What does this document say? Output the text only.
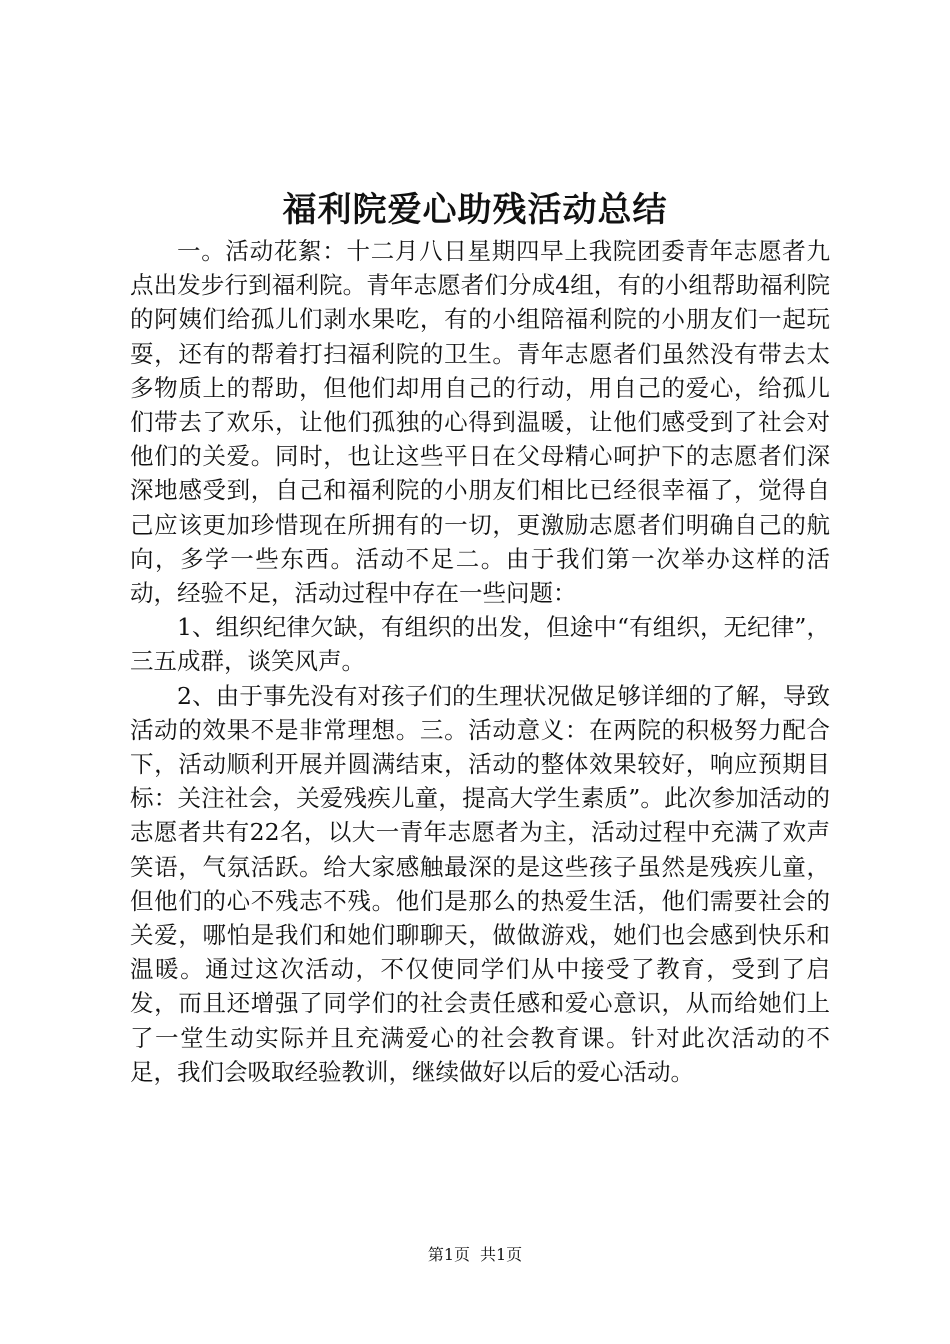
福利院爱心助残活动总结

一。活动花絮：十二月八日星期四早上我院团委青年志愿者九点出发步行到福利院。青年志愿者们分成4组，有的小组帮助福利院的阿姨们给孤儿们剥水果吃，有的小组陪福利院的小朋友们一起玩耍，还有的帮着打扫福利院的卫生。青年志愿者们虽然没有带去太多物质上的帮助，但他们却用自己的行动，用自己的爱心，给孤儿们带去了欢乐，让他们孤独的心得到温暖，让他们感受到了社会对他们的关爱。同时，也让这些平日在父母精心呵护下的志愿者们深深地感受到，自己和福利院的小朋友们相比已经很幸福了，觉得自己应该更加珍惜现在所拥有的一切，更激励志愿者们明确自己的航向，多学一些东西。活动不足二。由于我们第一次举办这样的活动，经验不足，活动过程中存在一些问题：

1、组织纪律欠缺，有组织的出发，但途中“有组织，无纪律”，三五成群，谈笑风声。

2、由于事先没有对孩子们的生理状况做足够详细的了解，导致活动的效果不是非常理想。三。活动意义：在两院的积极努力配合下，活动顺利开展并圆满结束，活动的整体效果较好，响应预期目标：关注社会，关爱残疾儿童，提高大学生素质”。此次参加活动的志愿者共有22名，以大一青年志愿者为主，活动过程中充满了欢声笑语，气氛活跃。给大家感触最深的是这些孩子虽然是残疾儿童，但他们的心不残志不残。他们是那么的热爱生活，他们需要社会的关爱，哪怕是我们和她们聊聊天，做做游戏，她们也会感到快乐和温暖。通过这次活动，不仅使同学们从中接受了教育，受到了启发，而且还增强了同学们的社会责任感和爱心意识，从而给她们上了一堂生动实际并且充满爱心的社会教育课。针对此次活动的不足，我们会吸取经验教训，继续做好以后的爱心活动。

第1页 共1页
